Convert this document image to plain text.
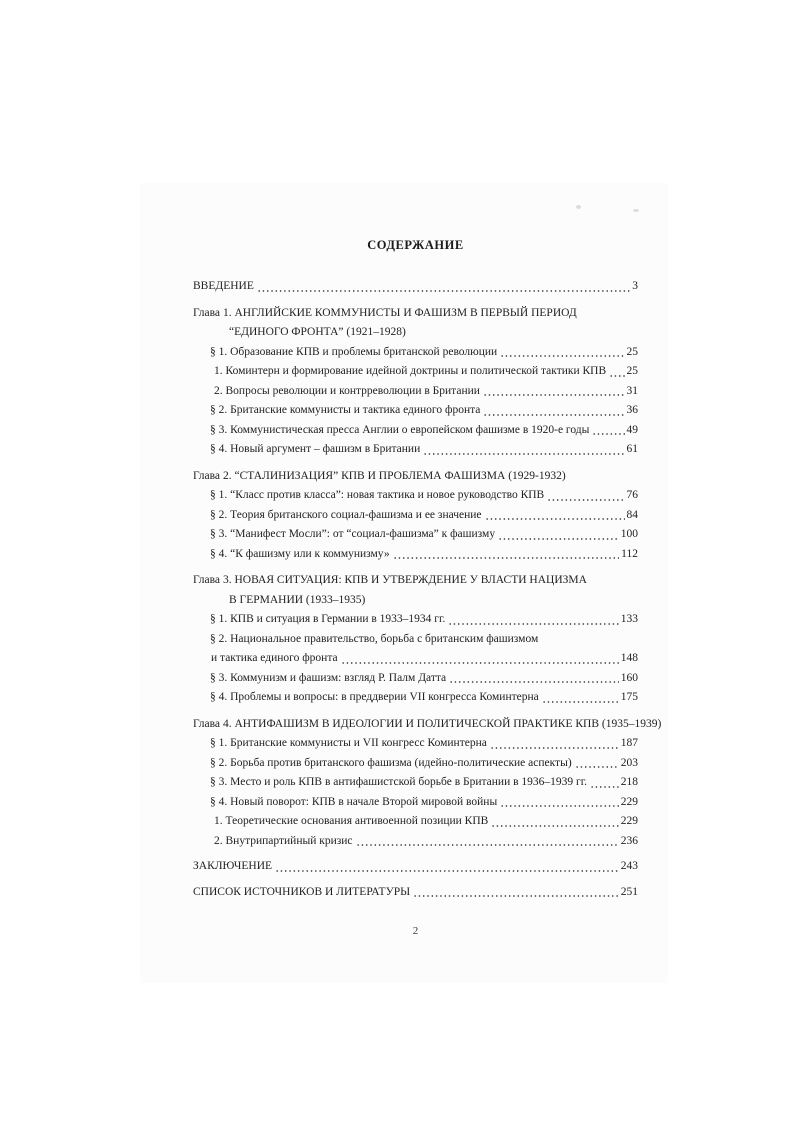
СОДЕРЖАНИЕ
ВВЕДЕНИЕ	3
Глава 1. АНГЛИЙСКИЕ КОММУНИСТЫ И ФАШИЗМ В ПЕРВЫЙ ПЕРИОД
“ЕДИНОГО ФРОНТА” (1921–1928)
§ 1. Образование КПВ и проблемы британской революции	25
1. Коминтерн и формирование идейной доктрины и политической тактики КПВ 25
2. Вопросы революции и контрреволюции в Британии	31
§ 2. Британские коммунисты и тактика единого фронта	36
§ 3. Коммунистическая пресса Англии о европейском фашизме в 1920-е годы	49
§ 4. Новый аргумент – фашизм в Британии	61
Глава 2. “СТАЛИНИЗАЦИЯ” КПВ И ПРОБЛЕМА ФАШИЗМА (1929-1932)
§ 1. “Класс против класса”: новая тактика и новое руководство КПВ	76
§ 2. Теория британского социал-фашизма и ее значение	84
§ 3. “Манифест Мосли”: от “социал-фашизма” к фашизму	100
§ 4. “К фашизму или к коммунизму»	112
Глава 3. НОВАЯ СИТУАЦИЯ: КПВ И УТВЕРЖДЕНИЕ У ВЛАСТИ НАЦИЗМА
В ГЕРМАНИИ (1933–1935)
§ 1. КПВ и ситуация в Германии в 1933–1934 гг.	133
§ 2. Национальное правительство, борьба с британским фашизмом
и тактика единого фронта	148
§ 3. Коммунизм и фашизм: взгляд Р. Палм Датта	160
§ 4. Проблемы и вопросы: в преддверии VII конгресса Коминтерна	175
Глава 4. АНТИФАШИЗМ В ИДЕОЛОГИИ И ПОЛИТИЧЕСКОЙ ПРАКТИКЕ КПВ (1935–1939)
§ 1. Британские коммунисты и VII конгресс Коминтерна	187
§ 2. Борьба против британского фашизма (идейно-политические аспекты)	203
§ 3. Место и роль КПВ в антифашистской борьбе в Британии в 1936–1939 гг.	218
§ 4. Новый поворот: КПВ в начале Второй мировой войны	229
1. Теоретические основания антивоенной позиции КПВ	229
2. Внутрипартийный кризис	236
ЗАКЛЮЧЕНИЕ	243
СПИСОК ИСТОЧНИКОВ И ЛИТЕРАТУРЫ	251
2
